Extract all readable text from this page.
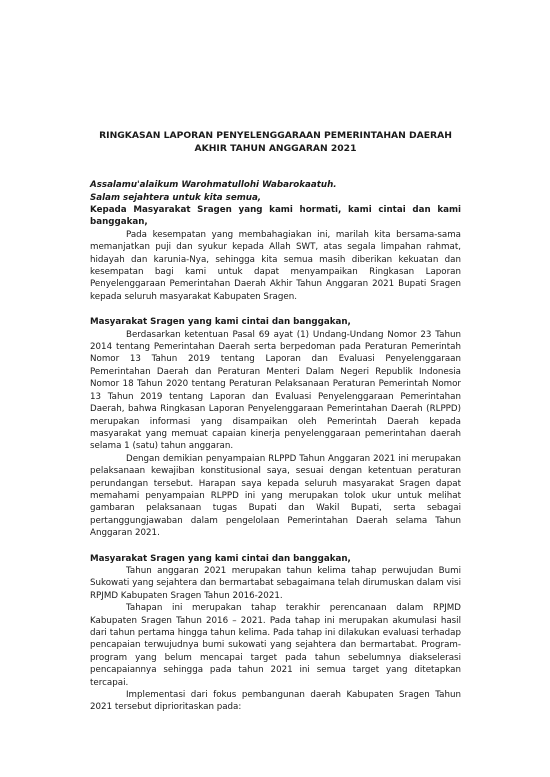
RINGKASAN LAPORAN PENYELENGGARAAN PEMERINTAHAN DAERAH
AKHIR TAHUN ANGGARAN 2021
Assalamu'alaikum Warohmatullohi Wabarokaatuh.
Salam sejahtera untuk kita semua,
Kepada Masyarakat Sragen yang kami hormati, kami cintai dan kami banggakan,

Pada kesempatan yang membahagiakan ini, marilah kita bersama-sama memanjatkan puji dan syukur kepada Allah SWT, atas segala limpahan rahmat, hidayah dan karunia-Nya, sehingga kita semua masih diberikan kekuatan dan kesempatan bagi kami untuk dapat menyampaikan Ringkasan Laporan Penyelenggaraan Pemerintahan Daerah Akhir Tahun Anggaran 2021 Bupati Sragen kepada seluruh masyarakat Kabupaten Sragen.

Masyarakat Sragen yang kami cintai dan banggakan,

Berdasarkan ketentuan Pasal 69 ayat (1) Undang-Undang Nomor 23 Tahun 2014 tentang Pemerintahan Daerah serta berpedoman pada Peraturan Pemerintah Nomor 13 Tahun 2019 tentang Laporan dan Evaluasi Penyelenggaraan Pemerintahan Daerah dan Peraturan Menteri Dalam Negeri Republik Indonesia Nomor 18 Tahun 2020 tentang Peraturan Pelaksanaan Peraturan Pemerintah Nomor 13 Tahun 2019 tentang Laporan dan Evaluasi Penyelenggaraan Pemerintahan Daerah, bahwa Ringkasan Laporan Penyelenggaraan Pemerintahan Daerah (RLPPD) merupakan informasi yang disampaikan oleh Pemerintah Daerah kepada masyarakat yang memuat capaian kinerja penyelenggaraan pemerintahan daerah selama 1 (satu) tahun anggaran.

Dengan demikian penyampaian RLPPD Tahun Anggaran 2021 ini merupakan pelaksanaan kewajiban konstitusional saya, sesuai dengan ketentuan peraturan perundangan tersebut. Harapan saya kepada seluruh masyarakat Sragen dapat memahami penyampaian RLPPD ini yang merupakan tolok ukur untuk melihat gambaran pelaksanaan tugas Bupati dan Wakil Bupati, serta sebagai pertanggungjawaban dalam pengelolaan Pemerintahan Daerah selama Tahun Anggaran 2021.

Masyarakat Sragen yang kami cintai dan banggakan,

Tahun anggaran 2021 merupakan tahun kelima tahap perwujudan Bumi Sukowati yang sejahtera dan bermartabat sebagaimana telah dirumuskan dalam visi RPJMD Kabupaten Sragen Tahun 2016-2021.

Tahapan ini merupakan tahap terakhir perencanaan dalam RPJMD Kabupaten Sragen Tahun 2016 – 2021. Pada tahap ini merupakan akumulasi hasil dari tahun pertama hingga tahun kelima. Pada tahap ini dilakukan evaluasi terhadap pencapaian terwujudnya bumi sukowati yang sejahtera dan bermartabat. Program-program yang belum mencapai target pada tahun sebelumnya diakselerasi pencapaiannya sehingga pada tahun 2021 ini semua target yang ditetapkan tercapai.

Implementasi dari fokus pembangunan daerah Kabupaten Sragen Tahun 2021 tersebut diprioritaskan pada:
